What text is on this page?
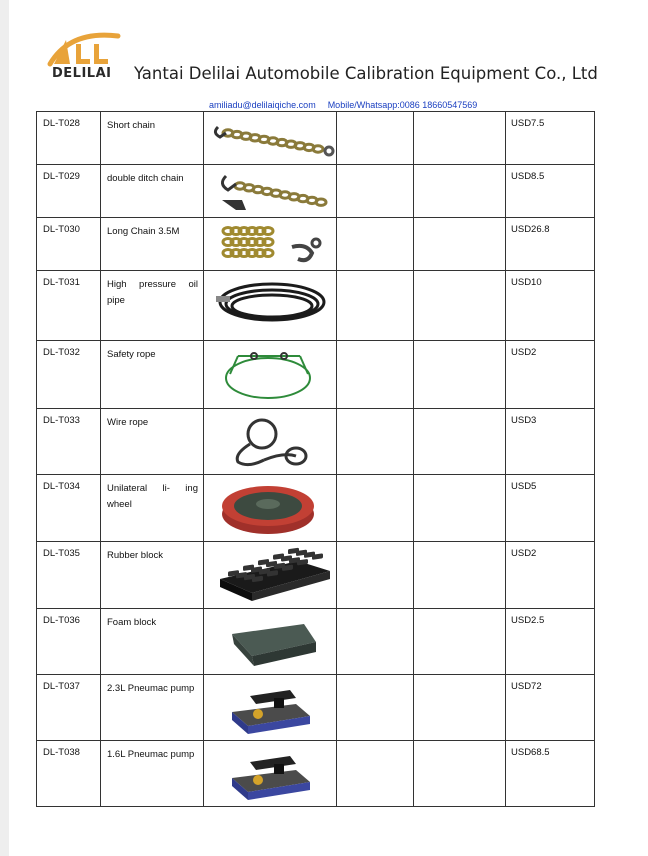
DELILAI Yantai Delilai Automobile Calibration Equipment Co., Ltd
amiliadu@delilaiqiche.com Mobile/Whatsapp:0086 18660547569
DL-T028	Short chain				USD7.5
DL-T029	double ditch chain				USD8.5
DL-T030	Long Chain 3.5M				USD26.8
DL-T031	High pressure oil pipe				USD10
DL-T032	Safety rope				USD2
DL-T033	Wire rope				USD3
DL-T034	Unilateral li- ing wheel				USD5
DL-T035	Rubber block				USD2
DL-T036	Foam block				USD2.5
DL-T037	2.3L Pneumac pump				USD72
DL-T038	1.6L Pneumac pump				USD68.5
